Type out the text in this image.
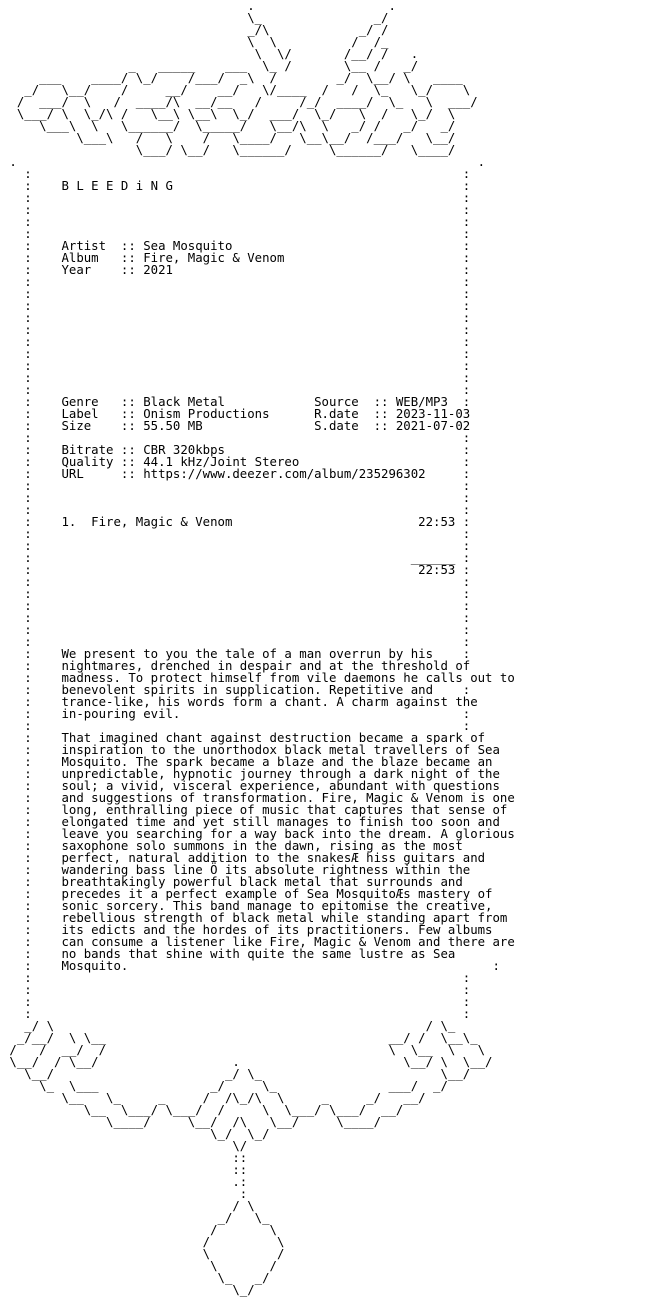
.                  .
\_               _/
_/\            _/ /
\  \          /  /_
\  \/       /__/ /   .
_   _____    ___  \_ /       \__ /   _/
___    ____/ \_/    /___/  _\  /        _/  \__/ \   ____
_/   \__/    /     __/    __/   \/____  /   /  \_   \_/    \
/  ___/  \   /  ____/\  __/__   /     /_/  ____/  \_   \  ___/
\___/ \  \_/\ /   \__\ \__\  \_/  ___/  \_/   \  /   \_/  \
\___\  \   \______/  \_____/   \__/\  \   _/ /   _/   _/
\___\   /   \    /   \____/   \__\__/  /___/   \__/
\___/ \__/   \______/     \______/   \____/
.                                                              .
:                                                          :
:    B L E E D i N G                                       :
:                                                          :
:                                                          :
:                                                          :
:                                                          :
:    Artist  :: Sea Mosquito                               :
:    Album   :: Fire, Magic & Venom                        :
:    Year    :: 2021                                       :
:                                                          :
:                                                          :
:                                                          :
:                                                          :
:                                                          :
:                                                          :
:                                                          :
:                                                          :
:                                                          :
:                                                          :
:    Genre   :: Black Metal            Source  :: WEB/MP3  :
:    Label   :: Onism Productions      R.date  :: 2023-11-03
:    Size    :: 55.50 MB               S.date  :: 2021-07-02
:                                                          :
:    Bitrate :: CBR 320kbps                                :
:    Quality :: 44.1 kHz/Joint Stereo                      :
:    URL     :: https://www.deezer.com/album/235296302     :
:                                                          :
:                                                          :
:                                                          :
:    1.  Fire, Magic & Venom                         22:53 :
:                                                          :
:                                                          :
:                                                   ______ :
:                                                    22:53 :
:                                                          :
:                                                          :
:                                                          :
:                                                          :
:                                                          :
:                                                          :
:    We present to you the tale of a man overrun by his    :
:    nightmares, drenched in despair and at the threshold of
:    madness. To protect himself from vile daemons he calls out to
:    benevolent spirits in supplication. Repetitive and    :
:    trance-like, his words form a chant. A charm against the
:    in-pouring evil.                                      :
:                                                          :
:    That imagined chant against destruction became a spark of
:    inspiration to the unorthodox black metal travellers of Sea
:    Mosquito. The spark became a blaze and the blaze became an
:    unpredictable, hypnotic journey through a dark night of the
:    soul; a vivid, visceral experience, abundant with questions
:    and suggestions of transformation. Fire, Magic & Venom is one
:    long, enthralling piece of music that captures that sense of
:    elongated time and yet still manages to finish too soon and
:    leave you searching for a way back into the dream. A glorious
:    saxophone solo summons in the dawn, rising as the most
:    perfect, natural addition to the snakesÆ hiss guitars and
:    wandering bass line Ö its absolute rightness within the
:    breathtakingly powerful black metal that surrounds and
:    precedes it a perfect example of Sea MosquitoÆs mastery of
:    sonic sorcery. This band manage to epitomise the creative,
:    rebellious strength of black metal while standing apart from
:    its edicts and the hordes of its practitioners. Few albums
:    can consume a listener like Fire, Magic & Venom and there are
:    no bands that shine with quite the same lustre as Sea
:    Mosquito.                                                 :
:                                                          :
:                                                          :
:                                                          :
:                                                          :
_/ \                                                  / \_
_/__/  \ \__                                      __/ /  \__\_
/   /  __/  /                                      \  \__  \   \
\__/  / \__/                  .                      \__/ \  \__/
\__/                       _/ \_                        \__/
\_  \___               _/     \_               ___/  _/
\__   \_     _     /  /\_/\  \     _     _/   __/
\__  \___/ \___/  /     \  \___/ \___/  __/
\____/     \__/  /\   \__/     \____/
\_/  \_/
\/
::
::
.:
:
/ \
_/   \_
/       \
/         \
\         /
\       /
\_   _/
\_/
